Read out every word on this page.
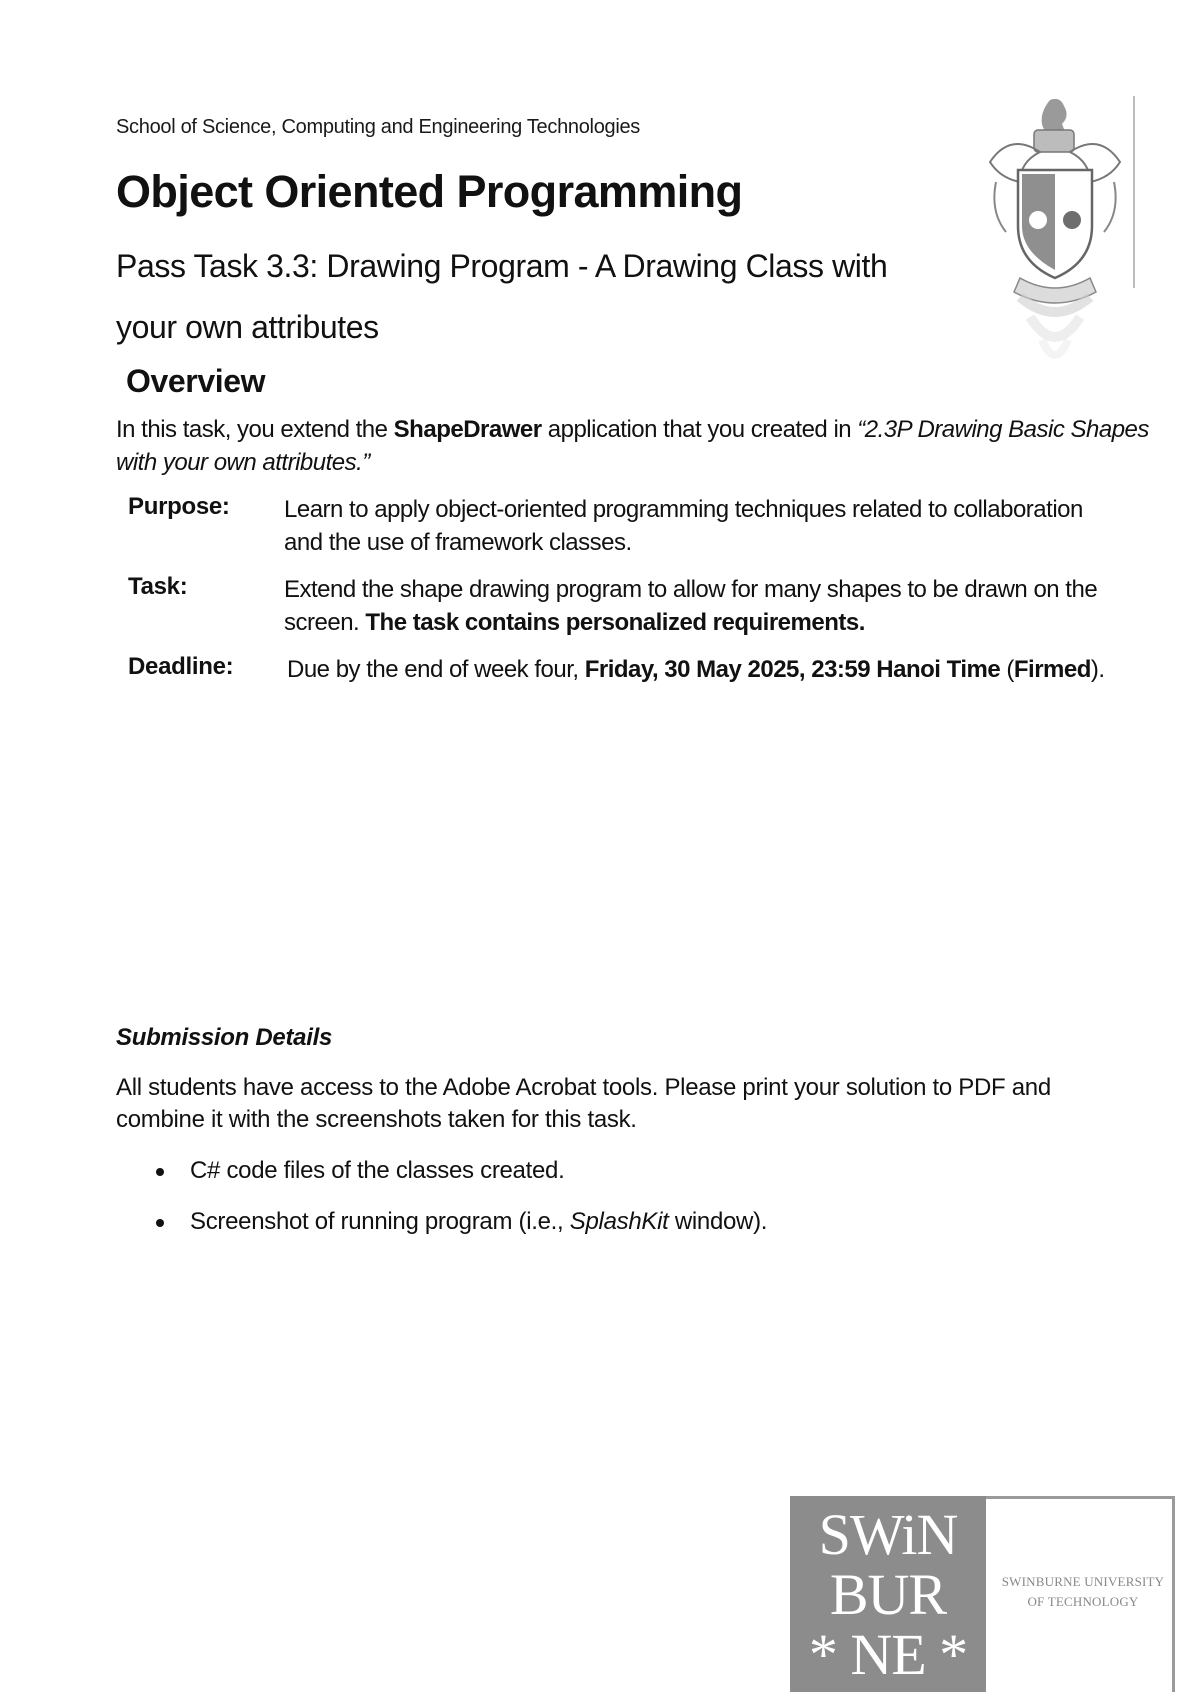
School of Science, Computing and Engineering Technologies
Object Oriented Programming
Pass Task 3.3: Drawing Program - A Drawing Class with your own attributes
Overview
In this task, you extend the ShapeDrawer application that you created in “2.3P Drawing Basic Shapes with your own attributes.”
Purpose: Learn to apply object-oriented programming techniques related to collaboration and the use of framework classes.
Task:	Extend the shape drawing program to allow for many shapes to be drawn on the screen. The task contains personalized requirements.
Deadline: Due by the end of week four, Friday, 30 May 2025, 23:59 Hanoi Time (Firmed).
Submission Details
All students have access to the Adobe Acrobat tools. Please print your solution to PDF and combine it with the screenshots taken for this task.
C# code files of the classes created.
Screenshot of running program (i.e., SplashKit window).
SWiN
BUR
* NE *
SWINBURNE UNIVERSITY
OF TECHNOLOGY
